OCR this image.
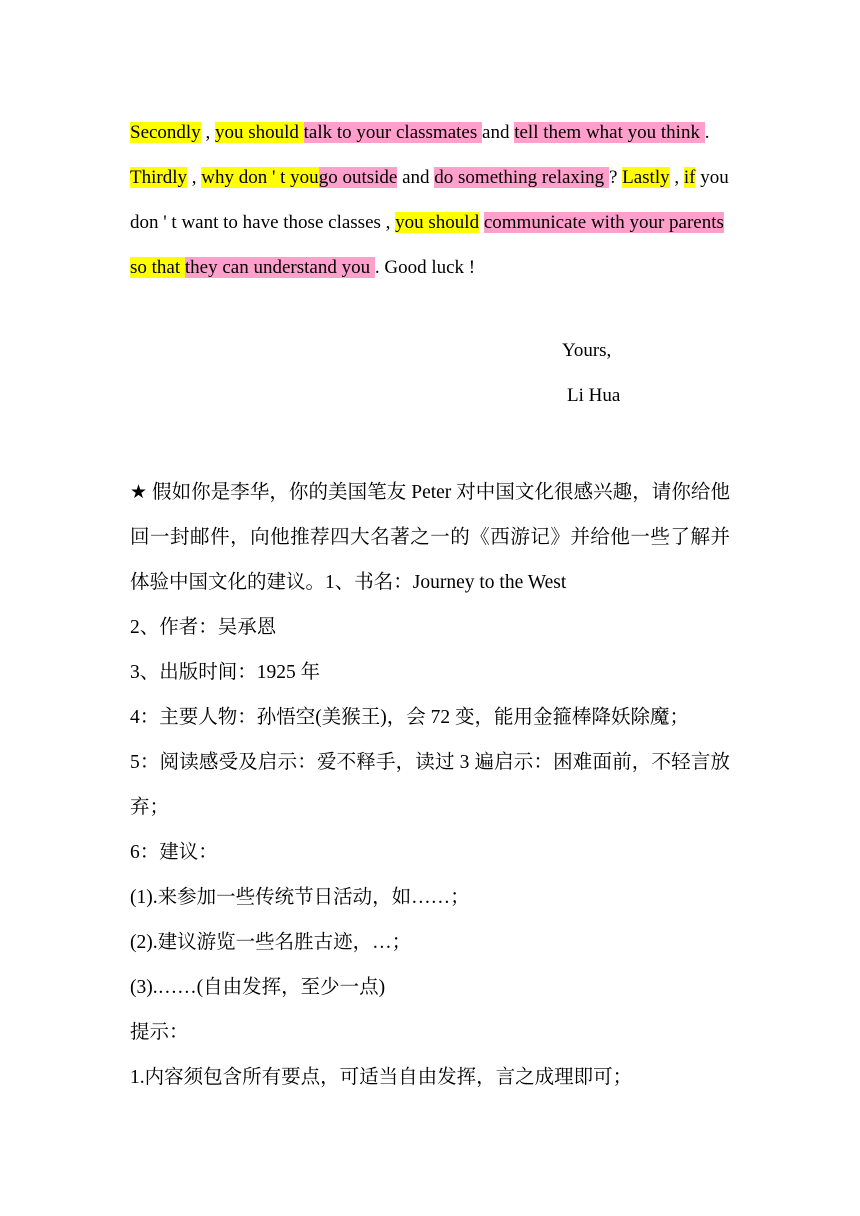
Secondly , you should talk to your classmates and tell them what you think . Thirdly , why don ' t yougo outside and do something relaxing ? Lastly , if you don ' t want to have those classes , you should communicate with your parents so that they can understand you . Good luck !

Yours,
Li Hua

★ 假如你是李华，你的美国笔友 Peter 对中国文化很感兴趣，请你给他回一封邮件，向他推荐四大名著之一的《西游记》并给他一些了解并体验中国文化的建议。1、书名：Journey to the West

2、作者：吴承恩

3、出版时间：1925 年

4：主要人物：孙悟空(美猴王)，会 72 变，能用金箍棒降妖除魔；

5：阅读感受及启示：爱不释手，读过 3 遍启示：困难面前，不轻言放弃；

6：建议：

(1).来参加一些传统节日活动，如……；

(2).建议游览一些名胜古迹，…；

(3).……(自由发挥，至少一点)

提示：

1.内容须包含所有要点，可适当自由发挥，言之成理即可；
